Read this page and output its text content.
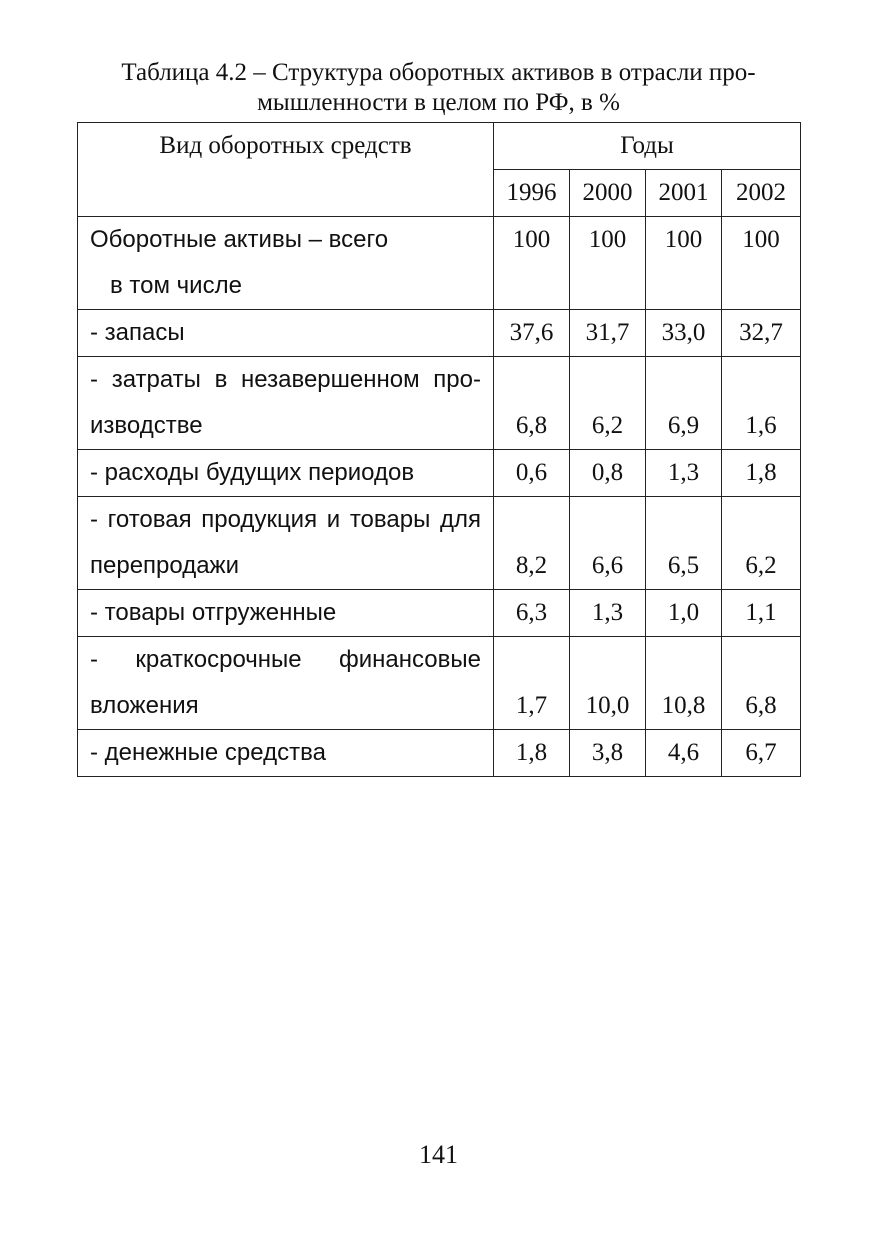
Таблица 4.2 – Структура оборотных активов в отрасли про-
мышленности в целом по РФ, в %
Вид оборотных средств	Годы			
	1996	2000	2001	2002

Оборотные активы – всего
в том числе	100	100	100	100

- запасы	37,6	31,7	33,0	32,7

- затраты в незавершенном про-
изводстве	6,8	6,2	6,9	1,6

- расходы будущих периодов	0,6	0,8	1,3	1,8

- готовая продукция и товары для
перепродажи	8,2	6,6	6,5	6,2

- товары отгруженные	6,3	1,3	1,0	1,1

- краткосрочные финансовые
вложения	1,7	10,0	10,8	6,8

- денежные средства	1,8	3,8	4,6	6,7
141
